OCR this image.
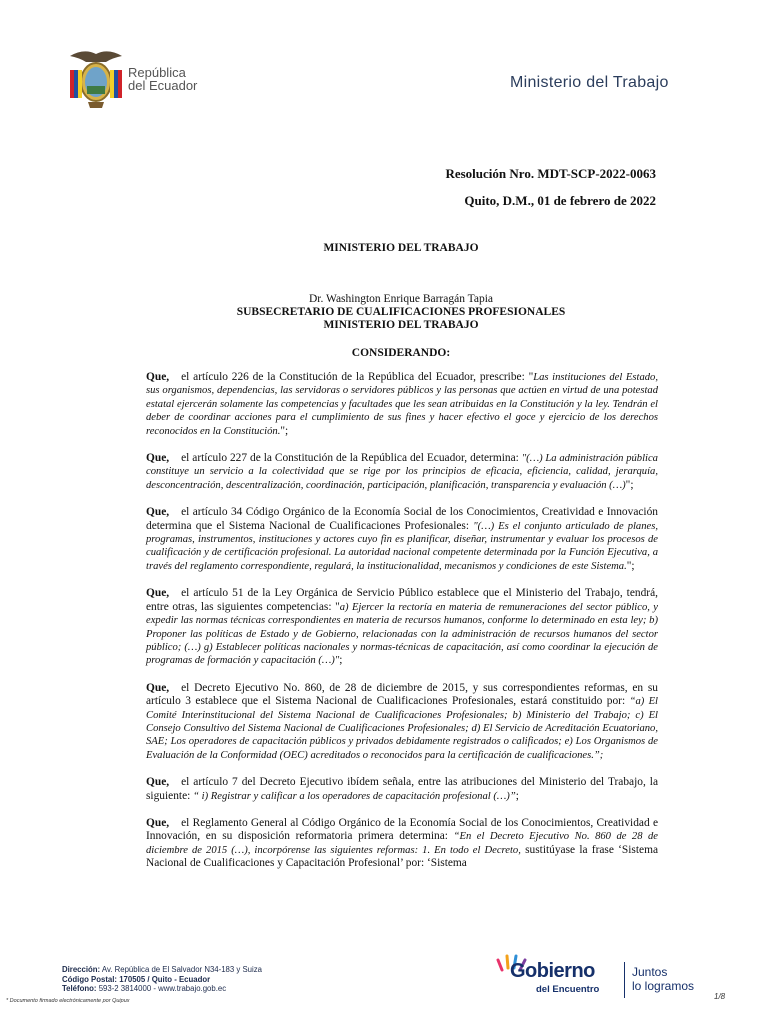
República
del Ecuador	Ministerio del Trabajo
Resolución Nro. MDT-SCP-2022-0063
Quito, D.M., 01 de febrero de 2022
MINISTERIO DEL TRABAJO
Dr. Washington Enrique Barragán Tapia
SUBSECRETARIO DE CUALIFICACIONES PROFESIONALES
MINISTERIO DEL TRABAJO
CONSIDERANDO:

Que, el artículo 226 de la Constitución de la República del Ecuador, prescribe: "Las instituciones del Estado, sus organismos, dependencias, las servidoras o servidores públicos y las personas que actúen en virtud de una potestad estatal ejercerán solamente las competencias y facultades que les sean atribuidas en la Constitución y la ley. Tendrán el deber de coordinar acciones para el cumplimiento de sus fines y hacer efectivo el goce y ejercicio de los derechos reconocidos en la Constitución.";

Que, el artículo 227 de la Constitución de la República del Ecuador, determina: "(…) La administración pública constituye un servicio a la colectividad que se rige por los principios de eficacia, eficiencia, calidad, jerarquía, desconcentración, descentralización, coordinación, participación, planificación, transparencia y evaluación (…)";

Que, el artículo 34 Código Orgánico de la Economía Social de los Conocimientos, Creatividad e Innovación determina que el Sistema Nacional de Cualificaciones Profesionales: "(…) Es el conjunto articulado de planes, programas, instrumentos, instituciones y actores cuyo fin es planificar, diseñar, instrumentar y evaluar los procesos de cualificación y de certificación profesional. La autoridad nacional competente determinada por la Función Ejecutiva, a través del reglamento correspondiente, regulará, la institucionalidad, mecanismos y condiciones de este Sistema.";

Que, el artículo 51 de la Ley Orgánica de Servicio Público establece que el Ministerio del Trabajo, tendrá, entre otras, las siguientes competencias: "a) Ejercer la rectoría en materia de remuneraciones del sector público, y expedir las normas técnicas correspondientes en materia de recursos humanos, conforme lo determinado en esta ley; b) Proponer las políticas de Estado y de Gobierno, relacionadas con la administración de recursos humanos del sector público; (…) g) Establecer políticas nacionales y normas-técnicas de capacitación, así como coordinar la ejecución de programas de formación y capacitación (…)";

Que, el Decreto Ejecutivo No. 860, de 28 de diciembre de 2015, y sus correspondientes reformas, en su artículo 3 establece que el Sistema Nacional de Cualificaciones Profesionales, estará constituido por: “a) El Comité Interinstitucional del Sistema Nacional de Cualificaciones Profesionales; b) Ministerio del Trabajo; c) El Consejo Consultivo del Sistema Nacional de Cualificaciones Profesionales; d) El Servicio de Acreditación Ecuatoriano, SAE; Los operadores de capacitación públicos y privados debidamente registrados o calificados; e) Los Organismos de Evaluación de la Conformidad (OEC) acreditados o reconocidos para la certificación de cualificaciones.”;

Que, el artículo 7 del Decreto Ejecutivo ibídem señala, entre las atribuciones del Ministerio del Trabajo, la siguiente: “ i) Registrar y calificar a los operadores de capacitación profesional (…)”;

Que, el Reglamento General al Código Orgánico de la Economía Social de los Conocimientos, Creatividad e Innovación, en su disposición reformatoria primera determina: “En el Decreto Ejecutivo No. 860 de 28 de diciembre de 2015 (…), incorpórense las siguientes reformas: 1. En todo el Decreto, sustitúyase la frase ‘Sistema Nacional de Cualificaciones y Capacitación Profesional’ por: ‘Sistema

Dirección: Av. República de El Salvador N34-183 y Suiza
Código Postal: 170505 / Quito - Ecuador
Teléfono: 593-2 3814000 - www.trabajo.gob.ec
* Documento firmado electrónicamente por Quipux
Gobierno
del Encuentro
Juntos
lo logramos
1/8
